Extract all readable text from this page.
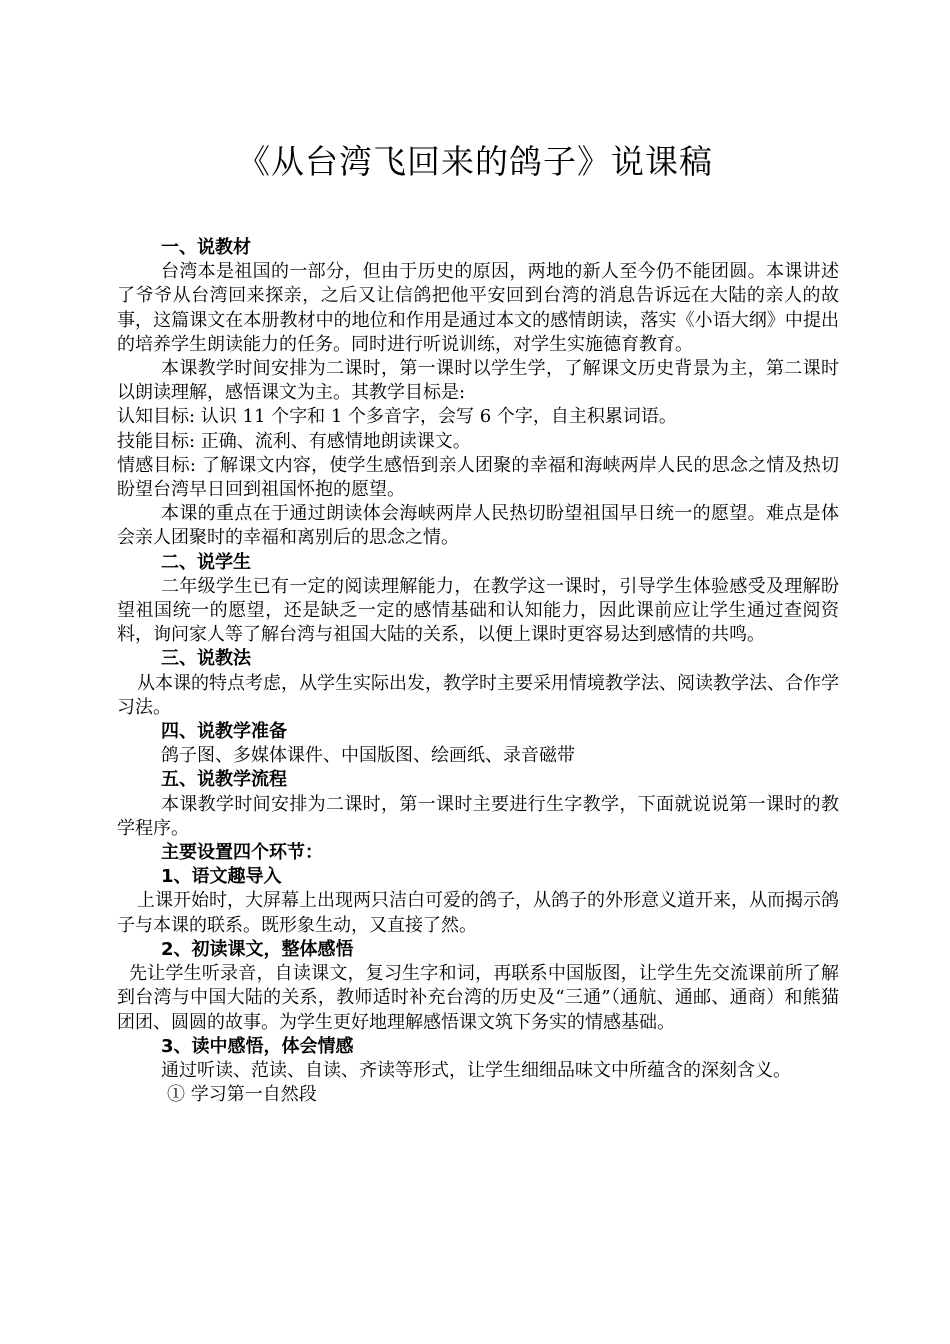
《从台湾飞回来的鸽子》说课稿

一、说教材

台湾本是祖国的一部分，但由于历史的原因，两地的新人至今仍不能团圆。本课讲述了爷爷从台湾回来探亲，之后又让信鸽把他平安回到台湾的消息告诉远在大陆的亲人的故事，这篇课文在本册教材中的地位和作用是通过本文的感情朗读，落实《小语大纲》中提出的培养学生朗读能力的任务。同时进行听说训练，对学生实施德育教育。

本课教学时间安排为二课时，第一课时以学生学，了解课文历史背景为主，第二课时以朗读理解，感悟课文为主。其教学目标是:

认知目标: 认识 11 个字和 1 个多音字，会写 6 个字，自主积累词语。

技能目标: 正确、流利、有感情地朗读课文。

情感目标: 了解课文内容，使学生感悟到亲人团聚的幸福和海峡两岸人民的思念之情及热切盼望台湾早日回到祖国怀抱的愿望。

本课的重点在于通过朗读体会海峡两岸人民热切盼望祖国早日统一的愿望。难点是体会亲人团聚时的幸福和离别后的思念之情。

二、说学生

二年级学生已有一定的阅读理解能力，在教学这一课时，引导学生体验感受及理解盼望祖国统一的愿望，还是缺乏一定的感情基础和认知能力，因此课前应让学生通过查阅资料，询问家人等了解台湾与祖国大陆的关系，以便上课时更容易达到感情的共鸣。

三、说教法

从本课的特点考虑，从学生实际出发，教学时主要采用情境教学法、阅读教学法、合作学习法。

四、说教学准备

鸽子图、多媒体课件、中国版图、绘画纸、录音磁带

五、说教学流程

本课教学时间安排为二课时，第一课时主要进行生字教学，下面就说说第一课时的教学程序。

主要设置四个环节：

1、语文趣导入

上课开始时，大屏幕上出现两只洁白可爱的鸽子，从鸽子的外形意义道开来，从而揭示鸽子与本课的联系。既形象生动，又直接了然。

2、初读课文，整体感悟

先让学生听录音，自读课文，复习生字和词，再联系中国版图，让学生先交流课前所了解到台湾与中国大陆的关系，教师适时补充台湾的历史及“三通”（通航、通邮、通商）和熊猫团团、圆圆的故事。为学生更好地理解感悟课文筑下务实的情感基础。

3、读中感悟，体会情感

通过听读、范读、自读、齐读等形式，让学生细细品味文中所蕴含的深刻含义。

① 学习第一自然段
